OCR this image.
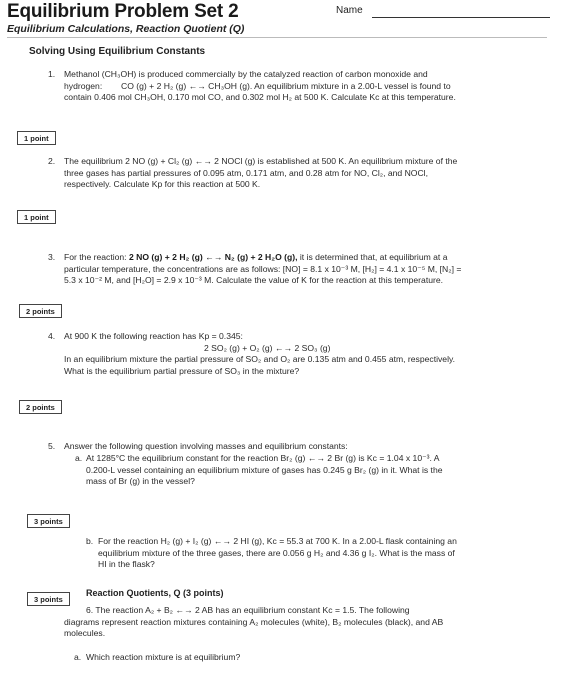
Equilibrium Problem Set 2	Name
Equilibrium Calculations, Reaction Quotient (Q)
Solving Using Equilibrium Constants
1. Methanol (CH₃OH) is produced commercially by the catalyzed reaction of carbon monoxide and
hydrogen: CO (g) + 2 H₂ (g) ←→ CH₃OH (g). An equilibrium mixture in a 2.00-L vessel is found to
contain 0.406 mol CH₃OH, 0.170 mol CO, and 0.302 mol H₂ at 500 K. Calculate Kc at this temperature.
1 point
2. The equilibrium 2 NO (g) + Cl₂ (g) ←→ 2 NOCl (g) is established at 500 K. An equilibrium mixture of the
three gases has partial pressures of 0.095 atm, 0.171 atm, and 0.28 atm for NO, Cl₂, and NOCl,
respectively. Calculate Kp for this reaction at 500 K.
1 point
3. For the reaction: 2 NO (g) + 2 H₂ (g) ←→ N₂ (g) + 2 H₂O (g), it is determined that, at equilibrium at a
particular temperature, the concentrations are as follows: [NO] = 8.1 x 10⁻³ M, [H₂] = 4.1 x 10⁻⁵ M, [N₂] =
5.3 x 10⁻² M, and [H₂O] = 2.9 x 10⁻³ M. Calculate the value of K for the reaction at this temperature.
2 points
4. At 900 K the following reaction has Kp = 0.345:
2 SO₂ (g) + O₂ (g) ←→ 2 SO₃ (g)
In an equilibrium mixture the partial pressure of SO₂ and O₂ are 0.135 atm and 0.455 atm, respectively.
What is the equilibrium partial pressure of SO₃ in the mixture?
2 points
5. Answer the following question involving masses and equilibrium constants:
a. At 1285°C the equilibrium constant for the reaction Br₂ (g) ←→ 2 Br (g) is Kc = 1.04 x 10⁻³. A
0.200-L vessel containing an equilibrium mixture of gases has 0.245 g Br₂ (g) in it. What is the
mass of Br (g) in the vessel?
3 points
b. For the reaction H₂ (g) + I₂ (g) ←→ 2 HI (g), Kc = 55.3 at 700 K. In a 2.00-L flask containing an
equilibrium mixture of the three gases, there are 0.056 g H₂ and 4.36 g I₂. What is the mass of
HI in the flask?
3 points
Reaction Quotients, Q (3 points)
6. The reaction A₂ + B₂ ←→ 2 AB has an equilibrium constant Kc = 1.5. The following
diagrams represent reaction mixtures containing A₂ molecules (white), B₂ molecules (black), and AB
molecules.
a. Which reaction mixture is at equilibrium?
